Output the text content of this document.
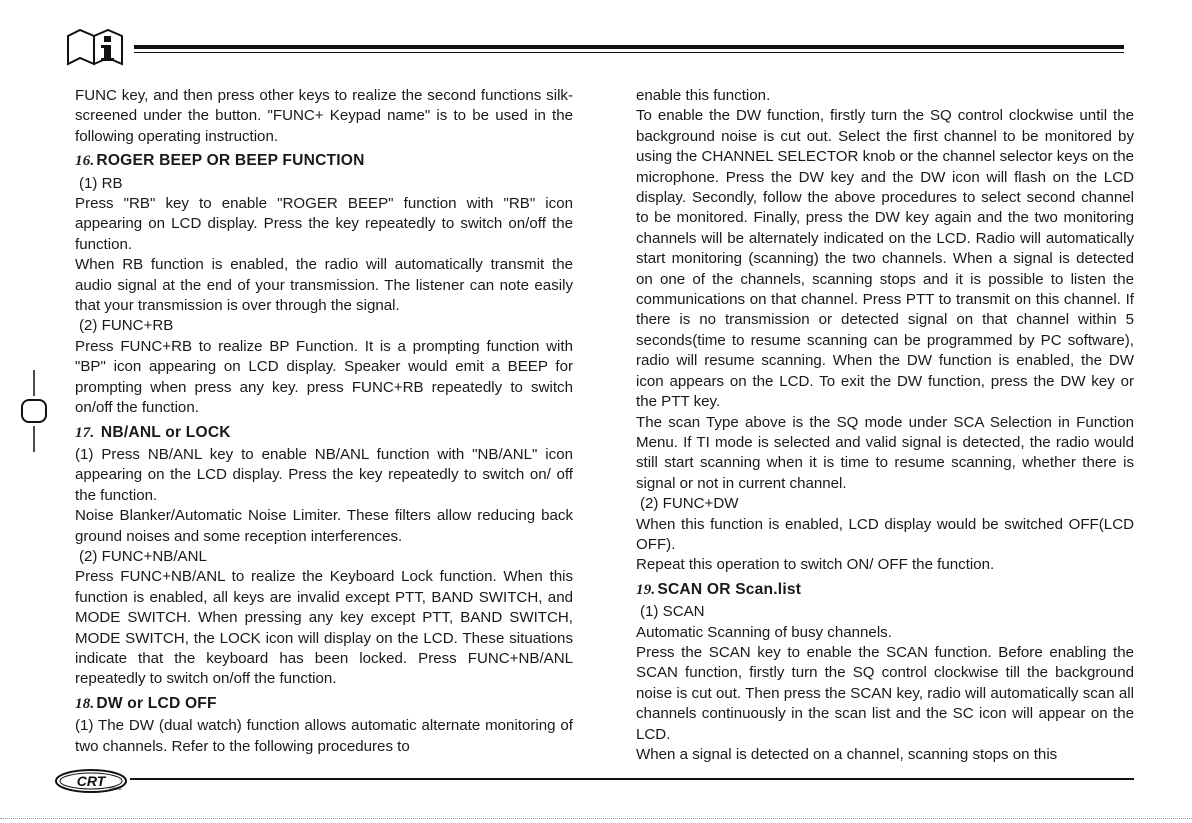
FUNC key, and then press other keys to realize the second functions silk-screened under the button. "FUNC+ Keypad name" is to be used in the following operating instruction.

16. ROGER BEEP OR BEEP FUNCTION

(1) RB

Press "RB" key to enable "ROGER BEEP" function with "RB" icon appearing on LCD display. Press the key repeatedly to switch on/off the function.

When RB function is enabled, the radio will automatically transmit the audio signal at the end of your transmission. The listener can note easily that your transmission is over through the signal.

(2) FUNC+RB

Press FUNC+RB to realize BP Function. It is a prompting function with "BP" icon appearing on LCD display. Speaker would emit a BEEP for prompting when press any key. press FUNC+RB repeatedly to switch on/off the function.

17. NB/ANL or LOCK

(1) Press NB/ANL key to enable NB/ANL function with "NB/ANL" icon appearing on the LCD display. Press the key repeatedly to switch on/ off the function.

Noise Blanker/Automatic Noise Limiter. These filters allow reducing back ground noises and some reception interferences.

(2) FUNC+NB/ANL

Press FUNC+NB/ANL to realize the Keyboard Lock function. When this function is enabled, all keys are invalid except PTT, BAND SWITCH, and MODE SWITCH. When pressing any key except PTT, BAND SWITCH, MODE SWITCH, the LOCK icon will display on the LCD. These situations indicate that the keyboard has been locked. Press FUNC+NB/ANL repeatedly to switch on/off the function.

18. DW or LCD OFF

(1) The DW (dual watch) function allows automatic alternate monitoring of two channels. Refer to the following procedures to

enable this function.

To enable the DW function, firstly turn the SQ control clockwise until the background noise is cut out. Select the first channel to be monitored by using the CHANNEL SELECTOR knob or the channel selector keys on the microphone. Press the DW key and the DW icon will flash on the LCD display. Secondly, follow the above procedures to select second channel to be monitored. Finally, press the DW key again and the two monitoring channels will be alternately indicated on the LCD. Radio will automatically start monitoring (scanning) the two channels. When a signal is detected on one of the channels, scanning stops and it is possible to listen the communications on that channel. Press PTT to transmit on this channel. If there is no transmission or detected signal on that channel within 5 seconds(time to resume scanning can be programmed by PC software), radio will resume scanning. When the DW function is enabled, the DW icon appears on the LCD. To exit the DW function, press the DW key or the PTT key.

The scan Type above is the SQ mode under SCA Selection in Function Menu. If TI mode is selected and valid signal is detected, the radio would still start scanning when it is time to resume scanning, whether there is signal or not in current channel.

(2) FUNC+DW

When this function is enabled, LCD display would be switched OFF(LCD OFF).

Repeat this operation to switch ON/ OFF the function.

19. SCAN OR Scan.list

(1) SCAN

Automatic Scanning of busy channels.

Press the SCAN key to enable the SCAN function. Before enabling the SCAN function, firstly turn the SQ control clockwise till the background noise is cut out. Then press the SCAN key, radio will automatically scan all channels continuously in the scan list and the SC icon will appear on the LCD.

When a signal is detected on a channel, scanning stops on this

CRT mono
